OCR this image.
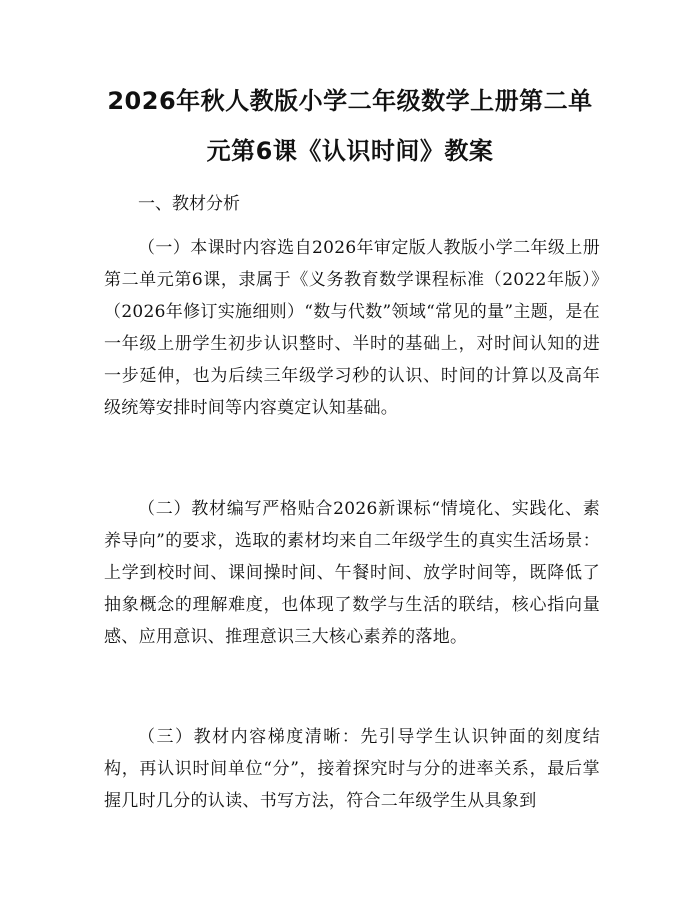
2026年秋人教版小学二年级数学上册第二单元第6课《认识时间》教案

一、教材分析

（一）本课时内容选自2026年审定版人教版小学二年级上册第二单元第6课，隶属于《义务教育数学课程标准（2022年版）》（2026年修订实施细则）“数与代数”领域“常见的量”主题，是在一年级上册学生初步认识整时、半时的基础上，对时间认知的进一步延伸，也为后续三年级学习秒的认识、时间的计算以及高年级统筹安排时间等内容奠定认知基础。

（二）教材编写严格贴合2026新课标“情境化、实践化、素养导向”的要求，选取的素材均来自二年级学生的真实生活场景：上学到校时间、课间操时间、午餐时间、放学时间等，既降低了抽象概念的理解难度，也体现了数学与生活的联结，核心指向量感、应用意识、推理意识三大核心素养的落地。

（三）教材内容梯度清晰：先引导学生认识钟面的刻度结构，再认识时间单位“分”，接着探究时与分的进率关系，最后掌握几时几分的认读、书写方法，符合二年级学生从具象到
